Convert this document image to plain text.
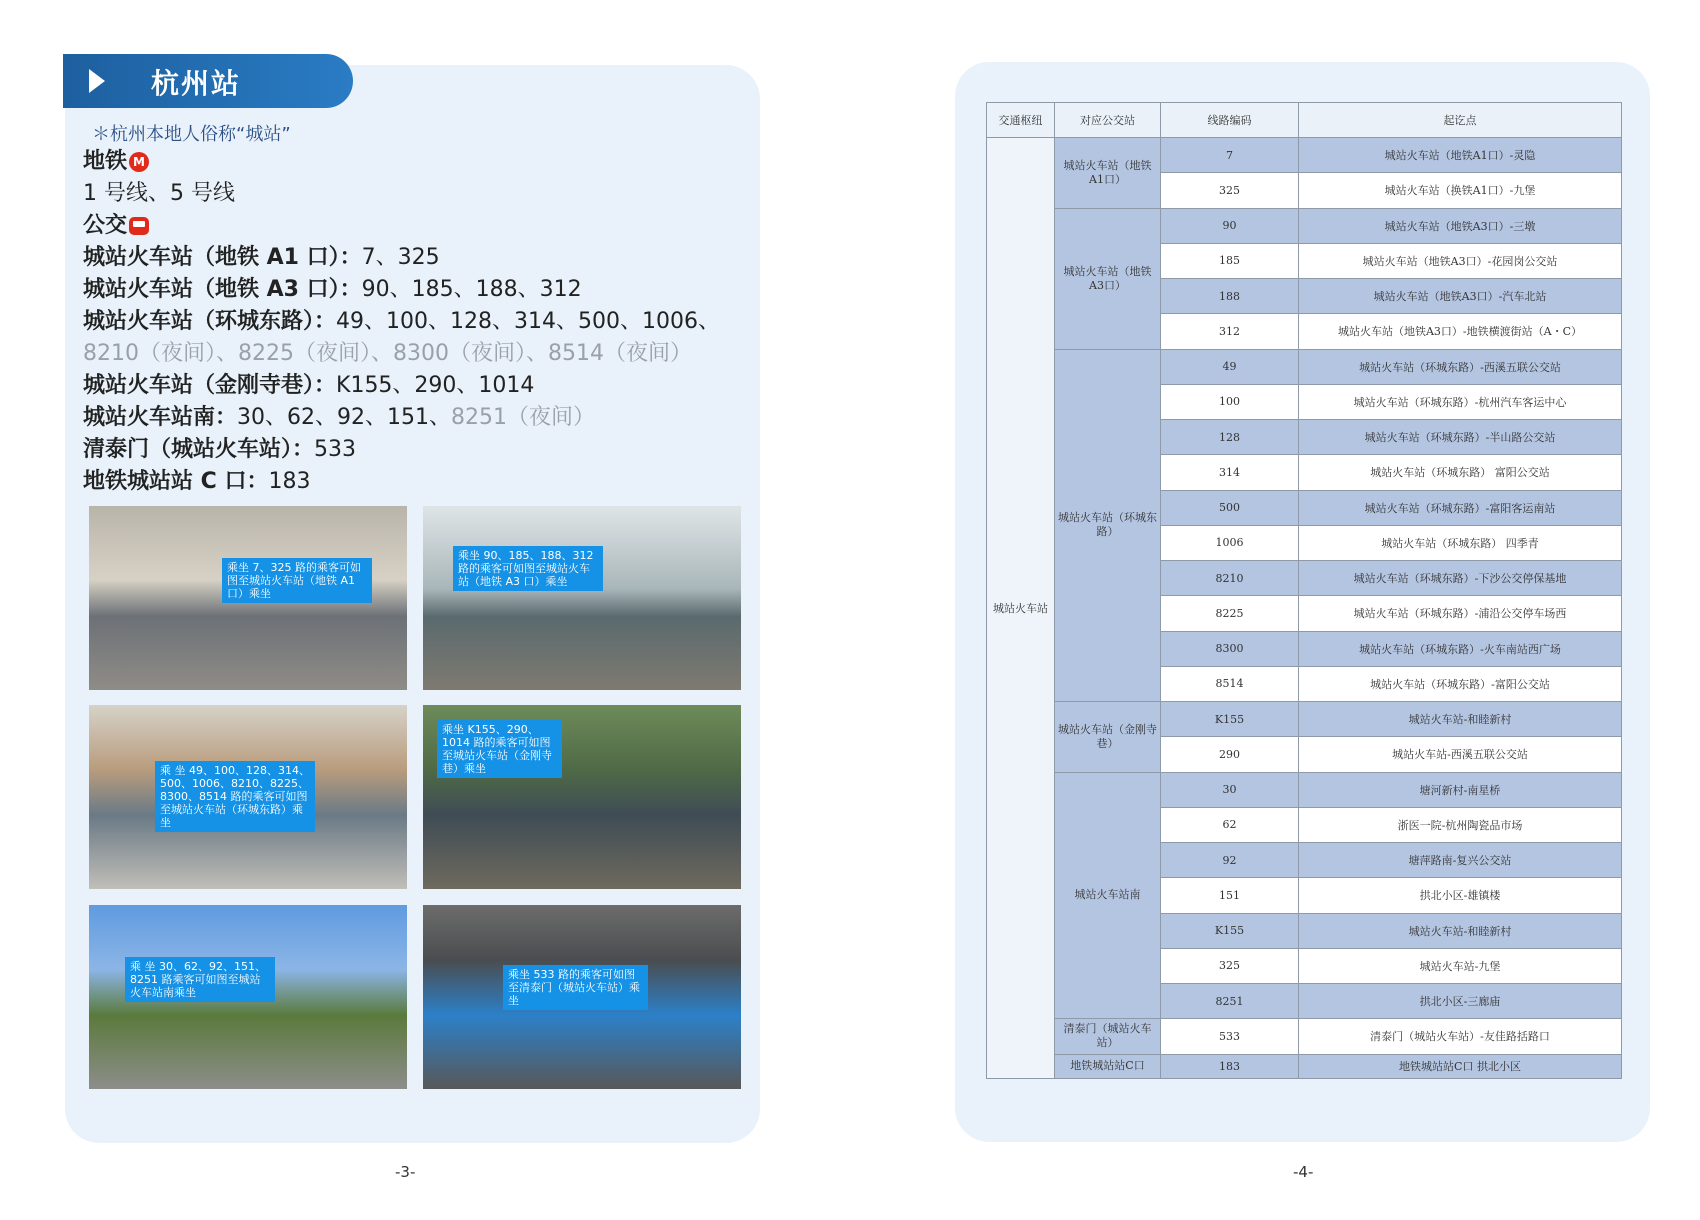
杭州站
＊杭州本地人俗称“城站”
地铁 M
1 号线、5 号线
公交
城站火车站（地铁 A1 口）：7、325
城站火车站（地铁 A3 口）：90、185、188、312
城站火车站（环城东路）：49、100、128、314、500、1006、
8210（夜间）、8225（夜间）、8300（夜间）、8514（夜间）
城站火车站（金刚寺巷）：K155、290、1014
城站火车站南：30、62、92、151、8251（夜间）
清泰门（城站火车站）：533
地铁城站站 C 口：183
乘坐 7、325 路的乘客可如图至城站火车站（地铁 A1 口）乘坐
乘坐 90、185、188、312 路的乘客可如图至城站火车站（地铁 A3 口）乘坐
乘 坐 49、100、128、314、500、1006、8210、8225、8300、8514 路的乘客可如图至城站火车站（环城东路）乘坐
乘坐 K155、290、1014 路的乘客可如图至城站火车站（金刚寺巷）乘坐
乘 坐 30、62、92、151、8251 路乘客可如图至城站火车站南乘坐
乘坐 533 路的乘客可如图至清泰门（城站火车站）乘坐
-3-
交通枢纽	对应公交站	线路编码	起讫点
城站火车站	城站火车站（地铁A1口）	7	城站火车站（地铁A1口）-灵隐
		325	城站火车站（换铁A1口）-九堡
	城站火车站（地铁A3口）	90	城站火车站（地铁A3口）-三墩
		185	城站火车站（地铁A3口）-花园岗公交站
		188	城站火车站（地铁A3口）-汽车北站
		312	城站火车站（地铁A3口）-地铁横渡街站（A・C）
	城站火车站（环城东路）	49	城站火车站（环城东路）-西溪五联公交站
		100	城站火车站（环城东路）-杭州汽车客运中心
		128	城站火车站（环城东路）-半山路公交站
		314	城站火车站（环城东路） 富阳公交站
		500	城站火车站（环城东路）-富阳客运南站
		1006	城站火车站（环城东路） 四季青
		8210	城站火车站（环城东路）-下沙公交停保基地
		8225	城站火车站（环城东路）-浦沿公交停车场西
		8300	城站火车站（环城东路）-火车南站西广场
		8514	城站火车站（环城东路）-富阳公交站
	城站火车站（金刚寺巷）	K155	城站火车站-和睦新村
		290	城站火车站-西溪五联公交站
	城站火车站南	30	塘河新村-南星桥
		62	浙医一院-杭州陶瓷品市场
		92	塘萍路南-复兴公交站
		151	拱北小区-雄镇楼
		K155	城站火车站-和睦新村
		325	城站火车站-九堡
		8251	拱北小区-三廊庙
	清泰门（城站火车站）	533	清泰门（城站火车站）-友佳路括路口
	地铁城站站C口	183	地铁城站站C口 拱北小区
-4-
